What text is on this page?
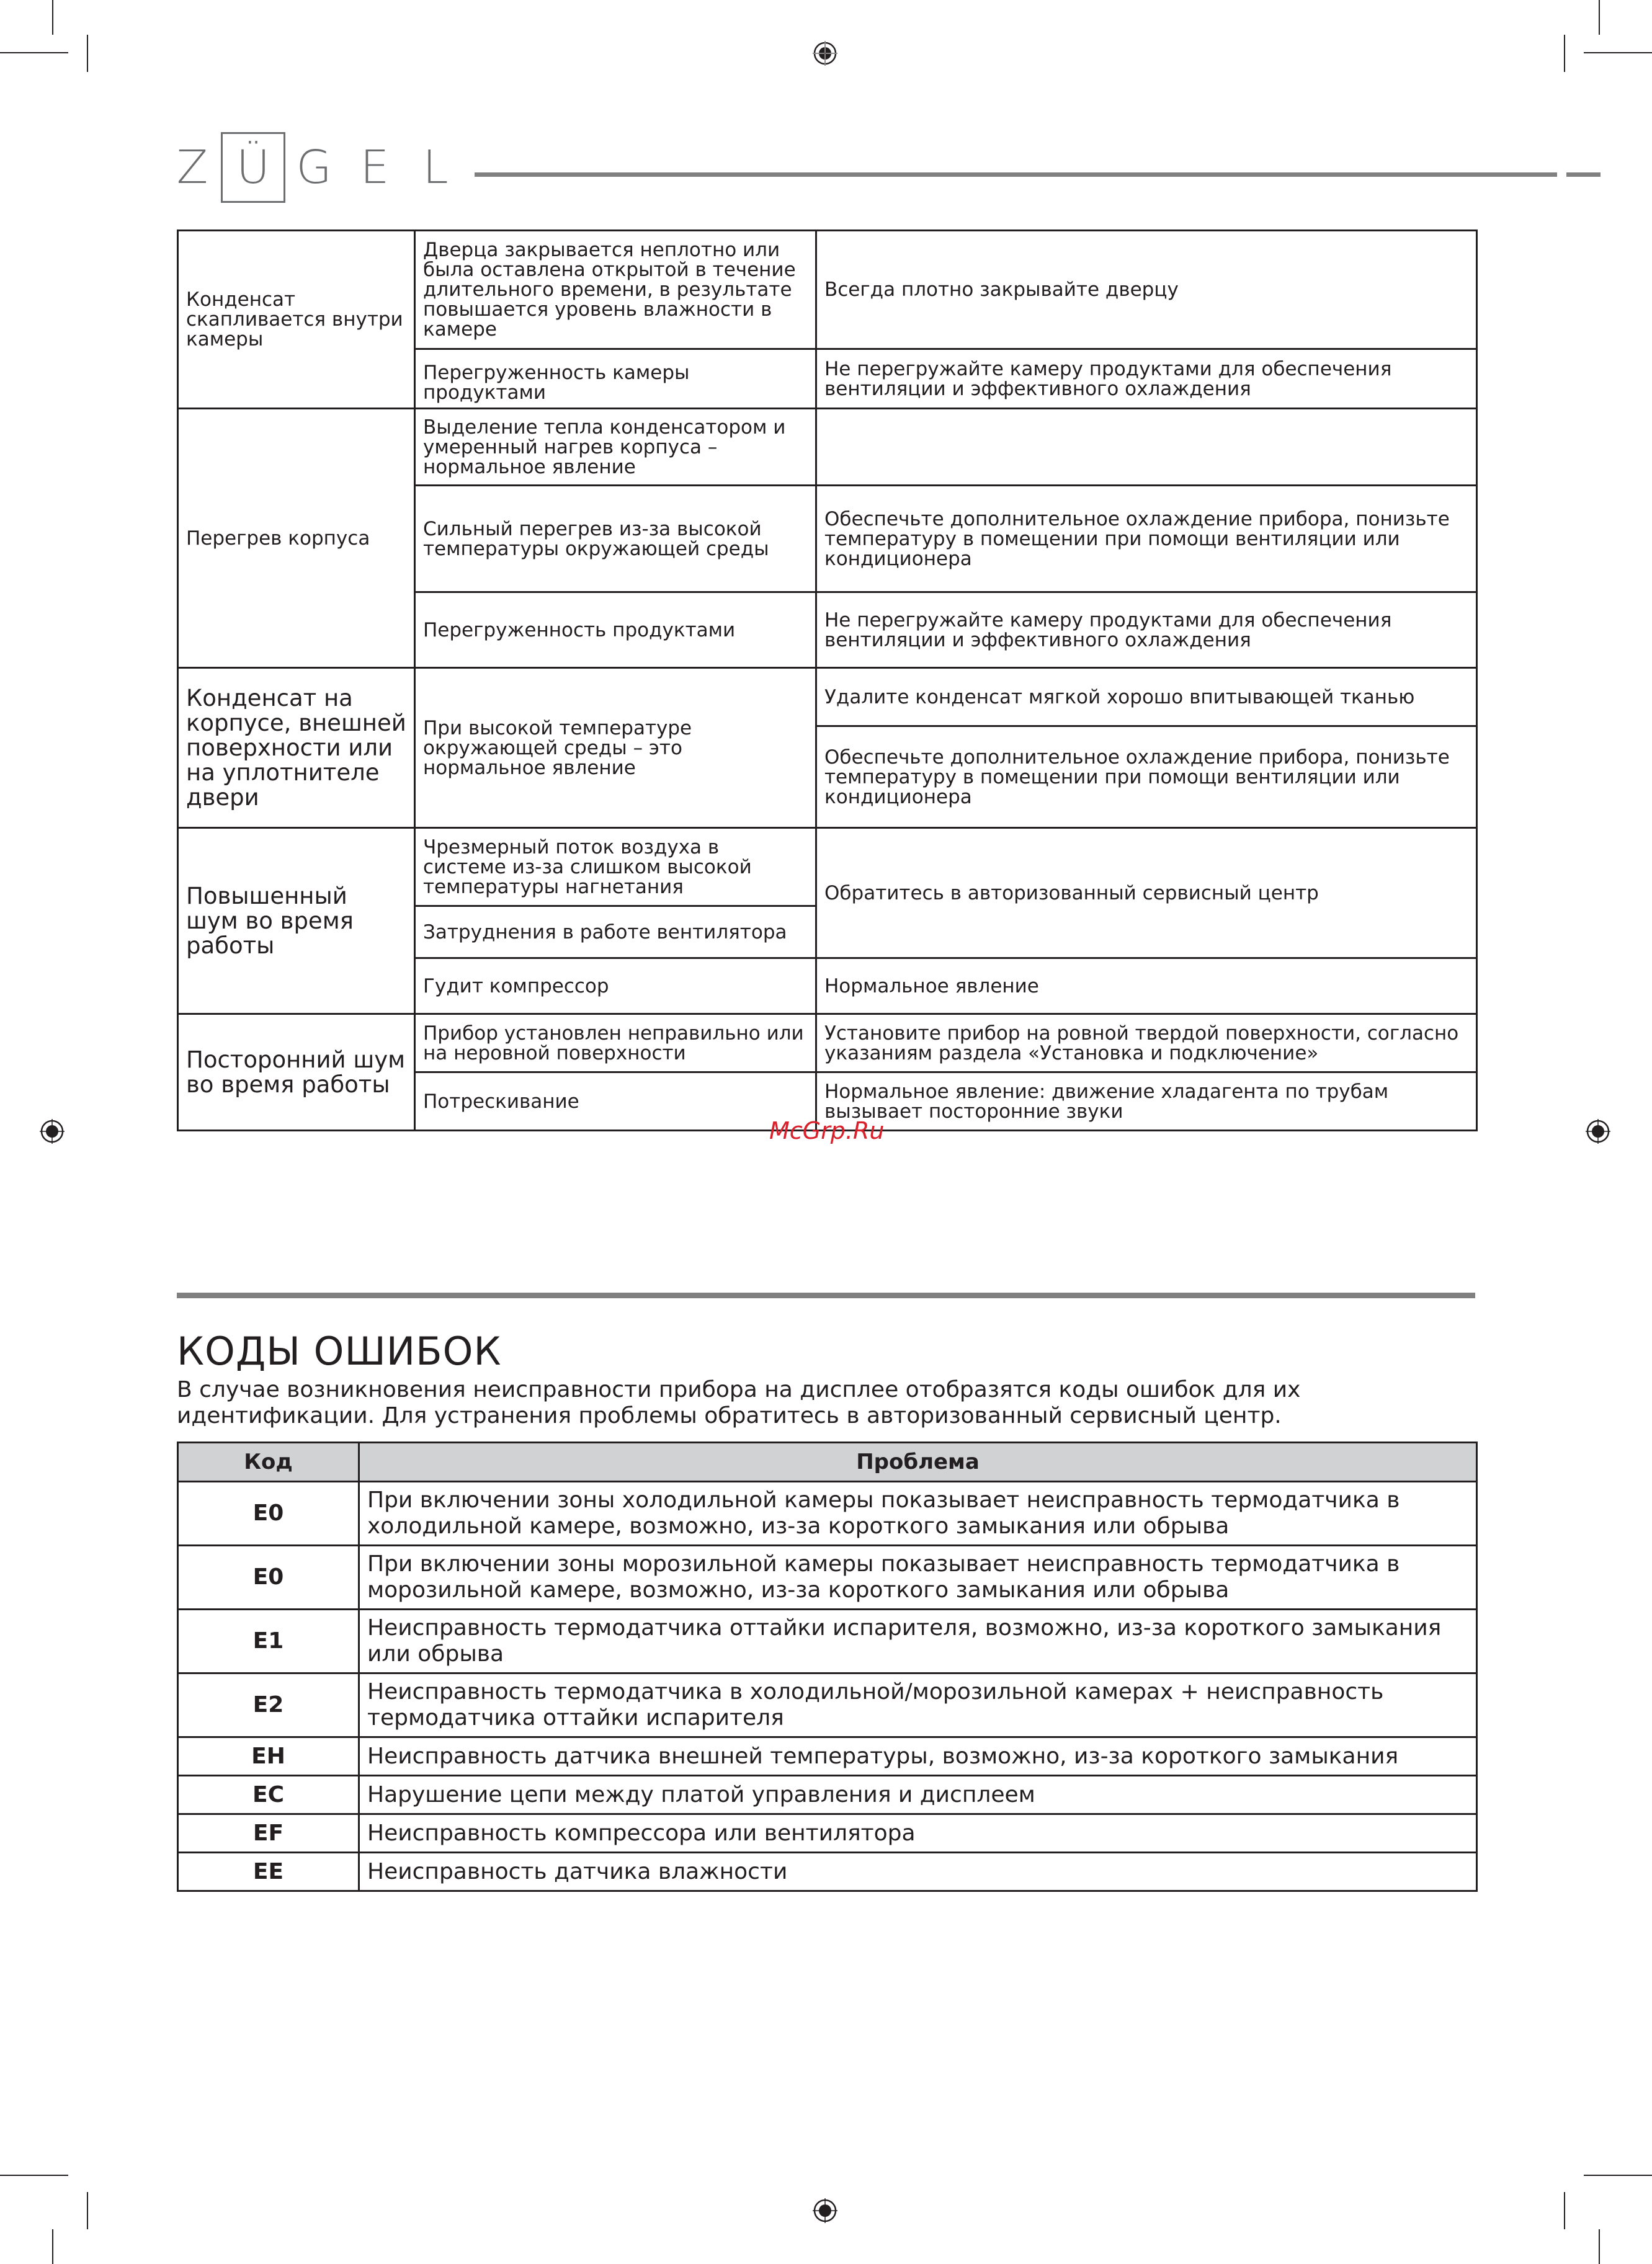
Z Ü G E L
Конденсат скапливается внутри камеры	Дверца закрывается неплотно или была оставлена открытой в течение длительного времени, в результате повышается уровень влажности в камере	Всегда плотно закрывайте дверцу
	Перегруженность камеры продуктами	Не перегружайте камеру продуктами для обеспечения вентиляции и эффективного охлаждения
Перегрев корпуса	Выделение тепла конденсатором и умеренный нагрев корпуса – нормальное явление	
	Сильный перегрев из-за высокой температуры окружающей среды	Обеспечьте дополнительное охлаждение прибора, понизьте температуру в помещении при помощи вентиляции или кондиционера
	Перегруженность продуктами	Не перегружайте камеру продуктами для обеспечения вентиляции и эффективного охлаждения
Конденсат на корпусе, внешней поверхности или на уплотнителе двери	При высокой температуре окружающей среды – это нормальное явление	Удалите конденсат мягкой хорошо впитывающей тканью
		Обеспечьте дополнительное охлаждение прибора, понизьте температуру в помещении при помощи вентиляции или кондиционера
Повышенный шум во время работы	Чрезмерный поток воздуха в системе из-за слишком высокой температуры нагнетания	Обратитесь в авторизованный сервисный центр
	Затруднения в работе вентилятора	
	Гудит компрессор	Нормальное явление
Посторонний шум во время работы	Прибор установлен неправильно или на неровной поверхности	Установите прибор на ровной твердой поверхности, согласно указаниям раздела «Установка и подключение»
	Потрескивание	Нормальное явление: движение хладагента по трубам вызывает посторонние звуки
McGrp.Ru
КОДЫ ОШИБОК
В случае возникновения неисправности прибора на дисплее отобразятся коды ошибок для их идентификации. Для устранения проблемы обратитесь в авторизованный сервисный центр.
Код	Проблема
E0	При включении зоны холодильной камеры показывает неисправность термодатчика в холодильной камере, возможно, из-за короткого замыкания или обрыва
E0	При включении зоны морозильной камеры показывает неисправность термодатчика в морозильной камере, возможно, из-за короткого замыкания или обрыва
E1	Неисправность термодатчика оттайки испарителя, возможно, из-за короткого замыкания или обрыва
E2	Неисправность термодатчика в холодильной/морозильной камерах + неисправность термодатчика оттайки испарителя
EH	Неисправность датчика внешней температуры, возможно, из-за короткого замыкания
EC	Нарушение цепи между платой управления и дисплеем
EF	Неисправность компрессора или вентилятора
EE	Неисправность датчика влажности
